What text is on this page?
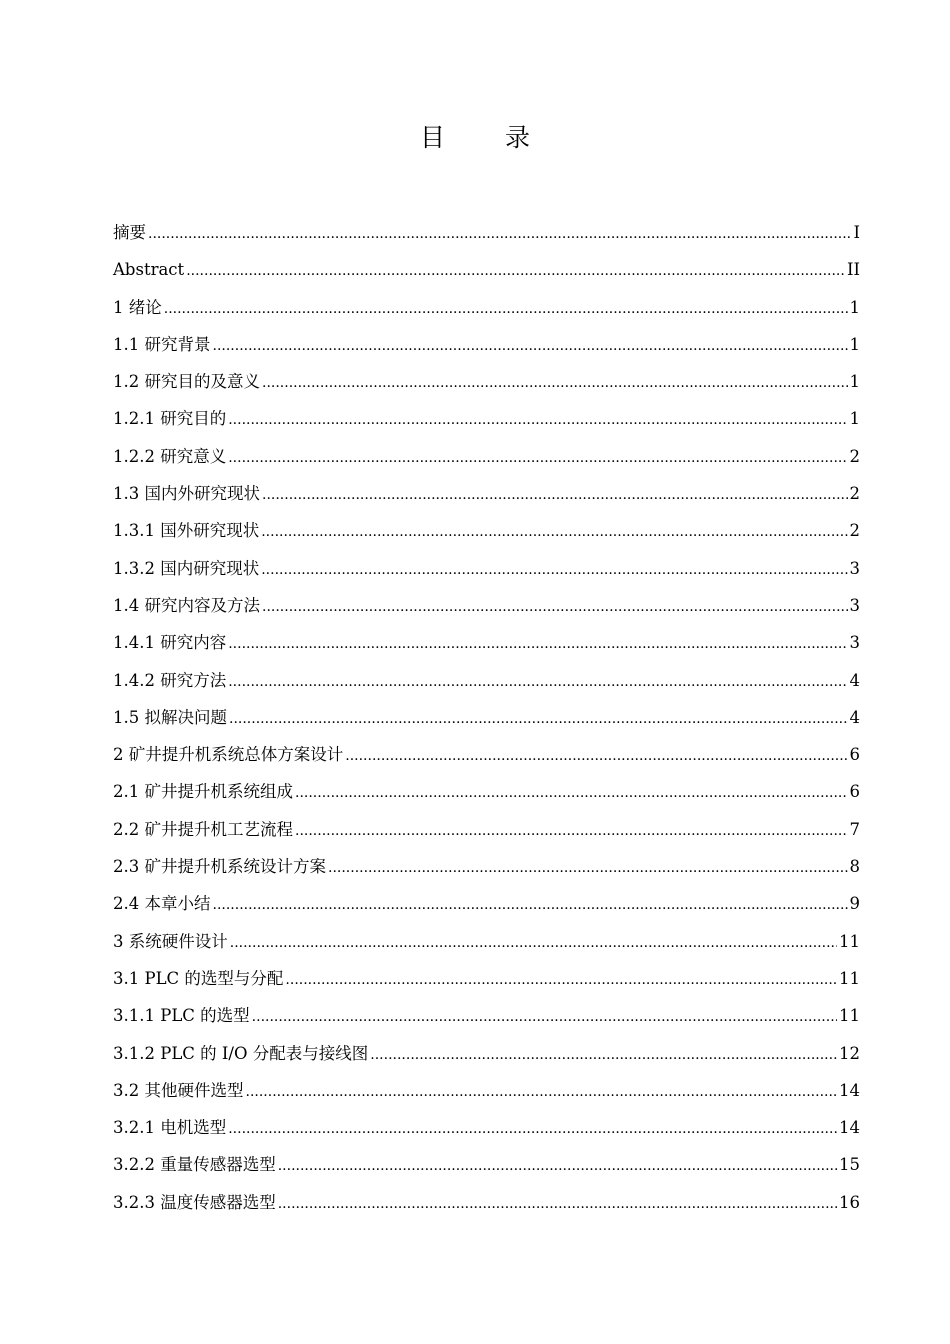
目 录
摘要 .....	I
Abstract .....	II
1 绪论 .....	1
1.1 研究背景 .....	1
1.2 研究目的及意义 .....	1
1.2.1 研究目的 .....	1
1.2.2 研究意义 .....	2
1.3 国内外研究现状 .....	2
1.3.1 国外研究现状 .....	2
1.3.2 国内研究现状 .....	3
1.4 研究内容及方法 .....	3
1.4.1 研究内容 .....	3
1.4.2 研究方法 .....	4
1.5 拟解决问题 .....	4
2 矿井提升机系统总体方案设计 .....	6
2.1 矿井提升机系统组成 .....	6
2.2 矿井提升机工艺流程 .....	7
2.3 矿井提升机系统设计方案 .....	8
2.4 本章小结 .....	9
3 系统硬件设计 .....	11
3.1 PLC 的选型与分配 .....	11
3.1.1 PLC 的选型 .....	11
3.1.2 PLC 的 I/O 分配表与接线图 .....	12
3.2 其他硬件选型 .....	14
3.2.1 电机选型 .....	14
3.2.2 重量传感器选型 .....	15
3.2.3 温度传感器选型 .....	16
